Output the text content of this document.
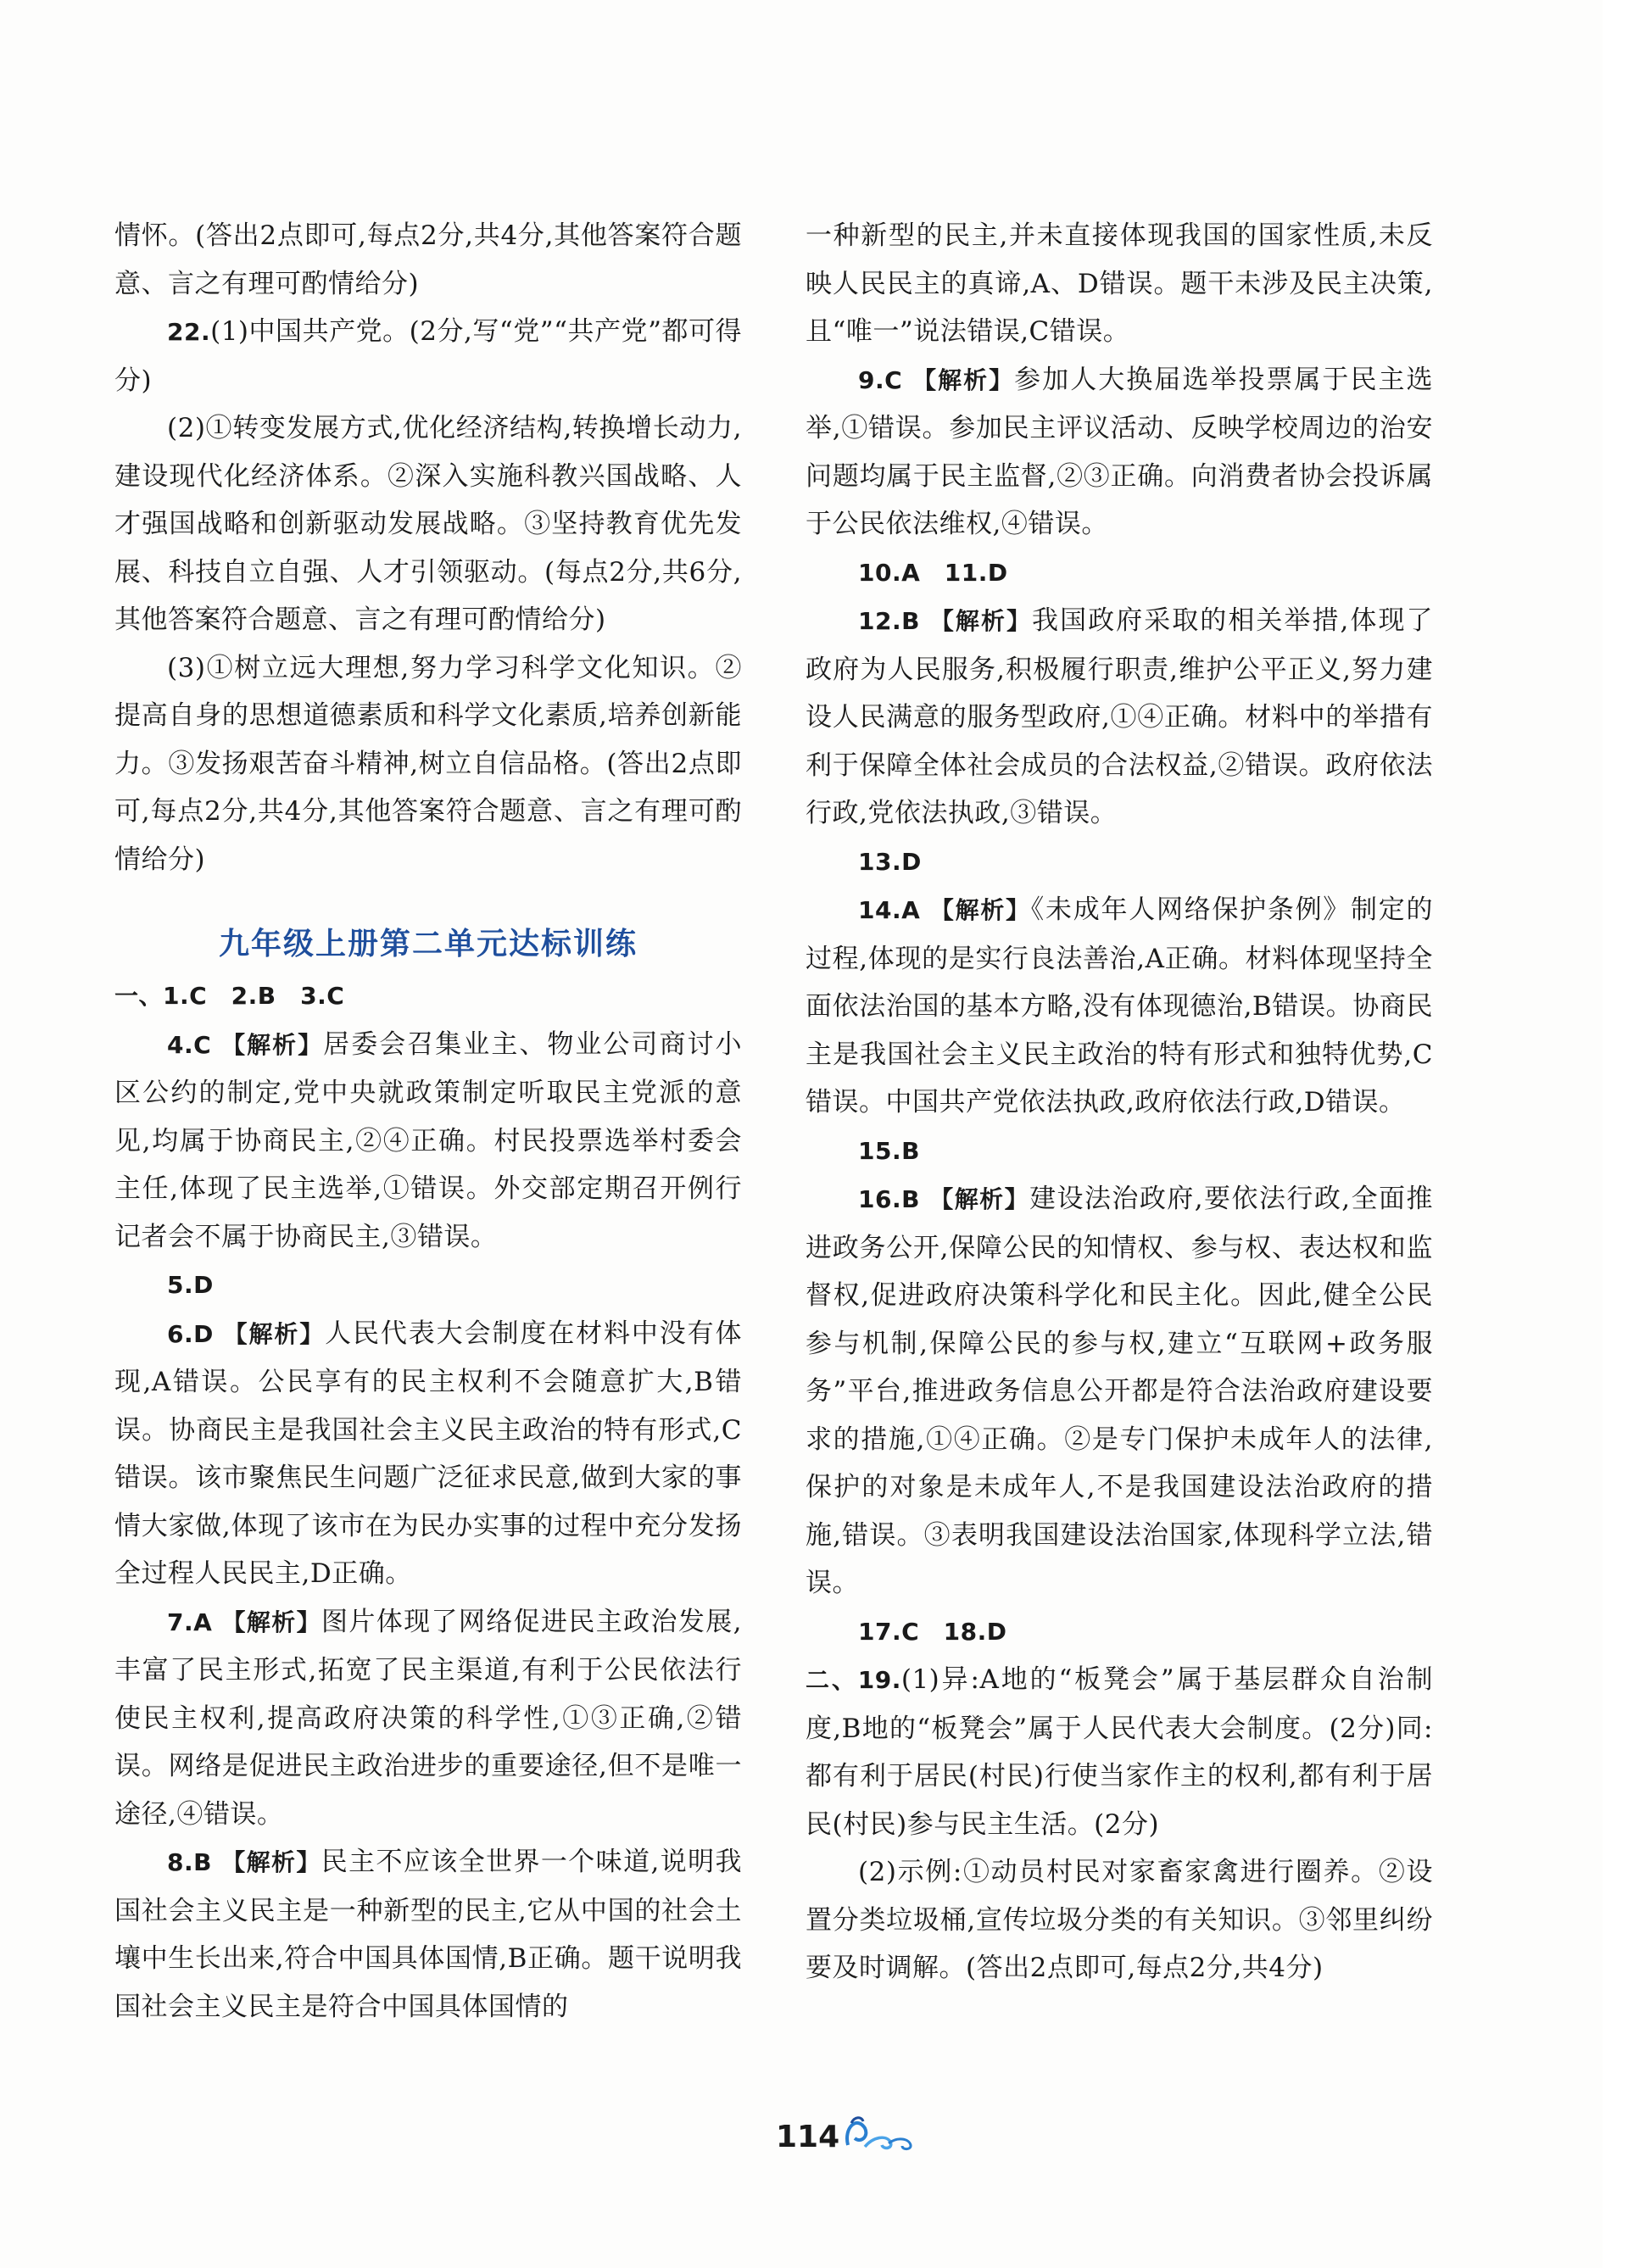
情怀。(答出2点即可,每点2分,共4分,其他答案符合题意、言之有理可酌情给分)

22.(1)中国共产党。(2分,写“党”“共产党”都可得分)

(2)①转变发展方式,优化经济结构,转换增长动力,建设现代化经济体系。②深入实施科教兴国战略、人才强国战略和创新驱动发展战略。③坚持教育优先发展、科技自立自强、人才引领驱动。(每点2分,共6分,其他答案符合题意、言之有理可酌情给分)

(3)①树立远大理想,努力学习科学文化知识。②提高自身的思想道德素质和科学文化素质,培养创新能力。③发扬艰苦奋斗精神,树立自信品格。(答出2点即可,每点2分,共4分,其他答案符合题意、言之有理可酌情给分)

九年级上册第二单元达标训练

一、1.C　2.B　3.C

4.C 【解析】居委会召集业主、物业公司商讨小区公约的制定,党中央就政策制定听取民主党派的意见,均属于协商民主,②④正确。村民投票选举村委会主任,体现了民主选举,①错误。外交部定期召开例行记者会不属于协商民主,③错误。

5.D

6.D 【解析】人民代表大会制度在材料中没有体现,A错误。公民享有的民主权利不会随意扩大,B错误。协商民主是我国社会主义民主政治的特有形式,C错误。该市聚焦民生问题广泛征求民意,做到大家的事情大家做,体现了该市在为民办实事的过程中充分发扬全过程人民民主,D正确。

7.A 【解析】图片体现了网络促进民主政治发展,丰富了民主形式,拓宽了民主渠道,有利于公民依法行使民主权利,提高政府决策的科学性,①③正确,②错误。网络是促进民主政治进步的重要途径,但不是唯一途径,④错误。

8.B 【解析】民主不应该全世界一个味道,说明我国社会主义民主是一种新型的民主,它从中国的社会土壤中生长出来,符合中国具体国情,B正确。题干说明我国社会主义民主是符合中国具体国情的

一种新型的民主,并未直接体现我国的国家性质,未反映人民民主的真谛,A、D错误。题干未涉及民主决策,且“唯一”说法错误,C错误。

9.C 【解析】参加人大换届选举投票属于民主选举,①错误。参加民主评议活动、反映学校周边的治安问题均属于民主监督,②③正确。向消费者协会投诉属于公民依法维权,④错误。

10.A　11.D

12.B 【解析】我国政府采取的相关举措,体现了政府为人民服务,积极履行职责,维护公平正义,努力建设人民满意的服务型政府,①④正确。材料中的举措有利于保障全体社会成员的合法权益,②错误。政府依法行政,党依法执政,③错误。

13.D

14.A 【解析】《未成年人网络保护条例》制定的过程,体现的是实行良法善治,A正确。材料体现坚持全面依法治国的基本方略,没有体现德治,B错误。协商民主是我国社会主义民主政治的特有形式和独特优势,C错误。中国共产党依法执政,政府依法行政,D错误。

15.B

16.B 【解析】建设法治政府,要依法行政,全面推进政务公开,保障公民的知情权、参与权、表达权和监督权,促进政府决策科学化和民主化。因此,健全公民参与机制,保障公民的参与权,建立“互联网+政务服务”平台,推进政务信息公开都是符合法治政府建设要求的措施,①④正确。②是专门保护未成年人的法律,保护的对象是未成年人,不是我国建设法治政府的措施,错误。③表明我国建设法治国家,体现科学立法,错误。

17.C　18.D

二、19.(1)异:A地的“板凳会”属于基层群众自治制度,B地的“板凳会”属于人民代表大会制度。(2分)同:都有利于居民(村民)行使当家作主的权利,都有利于居民(村民)参与民主生活。(2分)

(2)示例:①动员村民对家畜家禽进行圈养。②设置分类垃圾桶,宣传垃圾分类的有关知识。③邻里纠纷要及时调解。(答出2点即可,每点2分,共4分)

114
